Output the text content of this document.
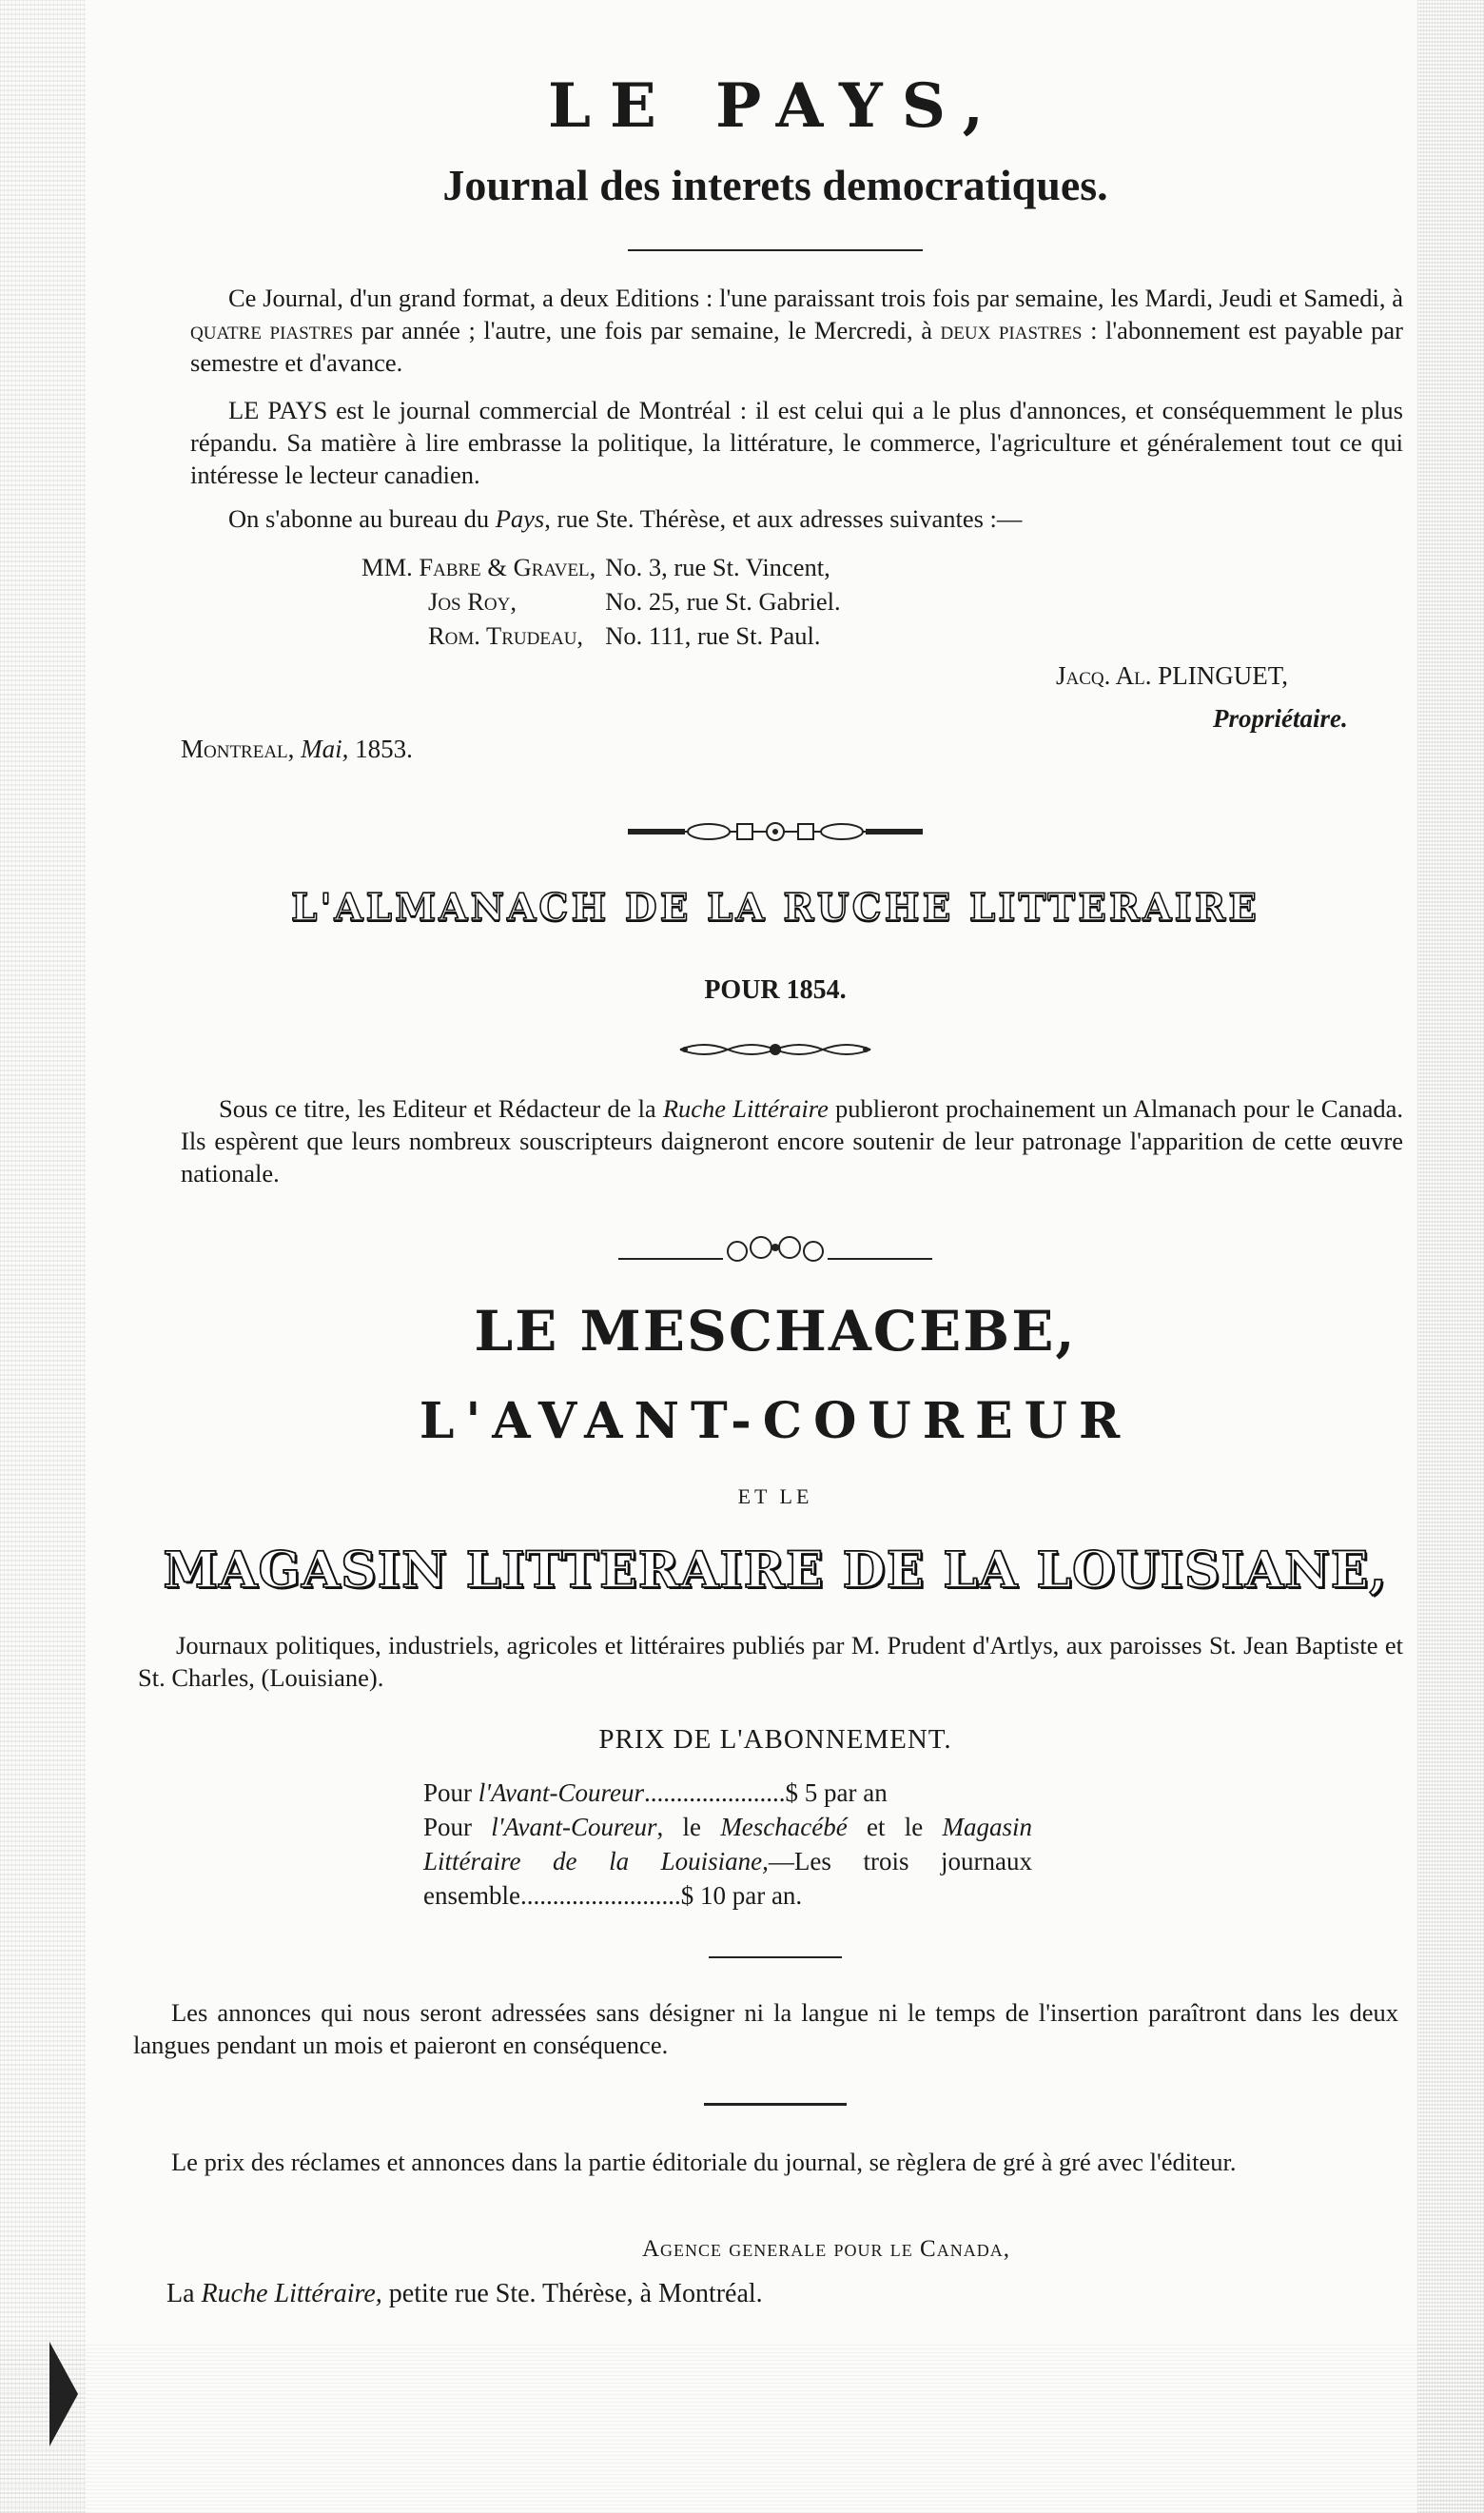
LE PAYS,
Journal des interets democratiques.
Ce Journal, d'un grand format, a deux Editions : l'une paraissant trois fois par semaine, les Mardi, Jeudi et Samedi, à quatre piastres par année ; l'autre, une fois par semaine, le Mercredi, à deux piastres : l'abonnement est payable par semestre et d'avance.
LE PAYS est le journal commercial de Montréal : il est celui qui a le plus d'annonces, et conséquemment le plus répandu. Sa matière à lire embrasse la politique, la littérature, le commerce, l'agriculture et généralement tout ce qui intéresse le lecteur canadien.
On s'abonne au bureau du Pays, rue Ste. Thérèse, et aux adresses suivantes :—
MM. Fabre & Gravel,	No. 3, rue St. Vincent,
Jos Roy,	No. 25, rue St. Gabriel.
Rom. Trudeau,	No. 111, rue St. Paul.
Jacq. Al. PLINGUET,
Propriétaire.
Montreal, Mai, 1853.
L'ALMANACH DE LA RUCHE LITTERAIRE
POUR 1854.
Sous ce titre, les Editeur et Rédacteur de la Ruche Littéraire publieront prochainement un Almanach pour le Canada. Ils espèrent que leurs nombreux souscripteurs daigneront encore soutenir de leur patronage l'apparition de cette œuvre nationale.
LE MESCHACEBE,
L'AVANT-COUREUR
ET LE
MAGASIN LITTERAIRE DE LA LOUISIANE,
Journaux politiques, industriels, agricoles et littéraires publiés par M. Prudent d'Artlys, aux paroisses St. Jean Baptiste et St. Charles, (Louisiane).
PRIX DE L'ABONNEMENT.
Pour l'Avant-Coureur......................$ 5 par an
Pour l'Avant-Coureur, le Meschacébé et le Magasin Littéraire de la Louisiane,—Les trois journaux ensemble.........................$ 10 par an.
Les annonces qui nous seront adressées sans désigner ni la langue ni le temps de l'insertion paraîtront dans les deux langues pendant un mois et paieront en conséquence.
Le prix des réclames et annonces dans la partie éditoriale du journal, se règlera de gré à gré avec l'éditeur.
Agence generale pour le Canada,
La Ruche Littéraire, petite rue Ste. Thérèse, à Montréal.
